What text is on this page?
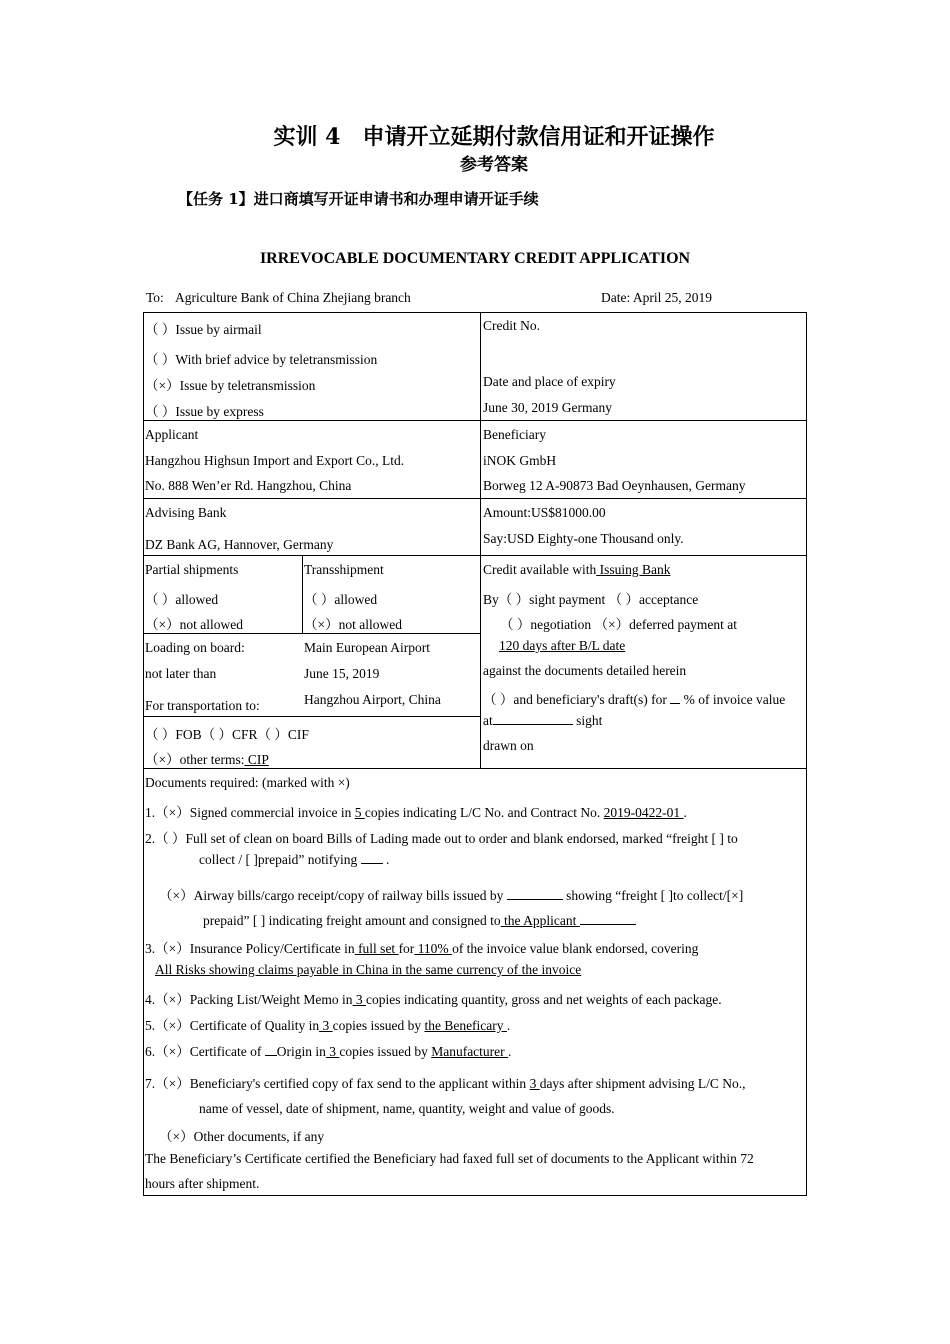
实训 4　申请开立延期付款信用证和开证操作
参考答案
【任务 1】进口商填写开证申请书和办理申请开证手续
IRREVOCABLE DOCUMENTARY CREDIT APPLICATION
To: Agriculture Bank of China Zhejiang branch	Date: April 25, 2019
（ ）Issue by airmail
（ ）With brief advice by teletransmission
（×）Issue by teletransmission
（ ）Issue by express
Credit No.
Date and place of expiry
June 30, 2019 Germany
Applicant
Hangzhou Highsun Import and Export Co., Ltd.
No. 888 Wen’er Rd. Hangzhou, China
Beneficiary
iNOK GmbH
Borweg 12 A-90873 Bad Oeynhausen, Germany
Advising Bank
DZ Bank AG, Hannover, Germany
Amount:US$81000.00
Say:USD Eighty-one Thousand only.
Partial shipments
（ ）allowed
（×）not allowed
Transshipment
（ ）allowed
（×）not allowed
Loading on board:	Main European Airport
not later than	June 15, 2019
For transportation to:	Hangzhou Airport, China
（ ）FOB（ ）CFR（ ）CIF
（×）other terms: CIP
Credit available with Issuing Bank
By（ ）sight payment （ ）acceptance
（ ）negotiation （×）deferred payment at
120 days after B/L date
against the documents detailed herein
（ ）and beneficiary's draft(s) for % of invoice value
at	sight
drawn on
Documents required: (marked with ×)
1.（×）Signed commercial invoice in 5 copies indicating L/C No. and Contract No. 2019-0422-01 .
2.（ ）Full set of clean on board Bills of Lading made out to order and blank endorsed, marked “freight [ ] to
collect / [ ]prepaid” notifying .
（×）Airway bills/cargo receipt/copy of railway bills issued by	showing “freight [ ]to collect/[×]
prepaid” [ ] indicating freight amount and consigned to the Applicant
3.（×）Insurance Policy/Certificate in full set for 110% of the invoice value blank endorsed, covering
All Risks showing claims payable in China in the same currency of the invoice
4.（×）Packing List/Weight Memo in 3 copies indicating quantity, gross and net weights of each package.
5.（×）Certificate of Quality in 3 copies issued by the Beneficary .
6.（×）Certificate of Origin in 3 copies issued by Manufacturer .
7.（×）Beneficiary's certified copy of fax send to the applicant within 3 days after shipment advising L/C No.,
name of vessel, date of shipment, name, quantity, weight and value of goods.
（×）Other documents, if any
The Beneficiary’s Certificate certified the Beneficiary had faxed full set of documents to the Applicant within 72
hours after shipment.
